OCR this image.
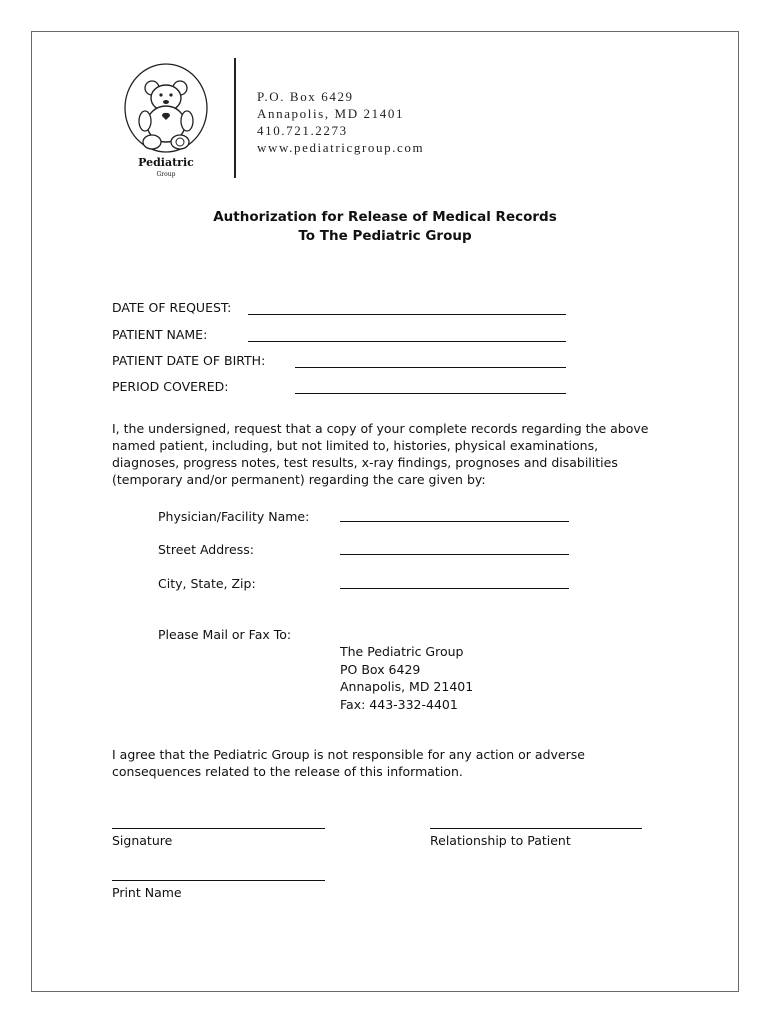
Pediatric
Group
P.O. Box 6429
Annapolis, MD 21401
410.721.2273
www.pediatricgroup.com
Authorization for Release of Medical Records
To The Pediatric Group
DATE OF REQUEST:
PATIENT NAME:
PATIENT DATE OF BIRTH:
PERIOD COVERED:
I, the undersigned, request that a copy of your complete records regarding the above named patient, including, but not limited to, histories, physical examinations, diagnoses, progress notes, test results, x-ray findings, prognoses and disabilities (temporary and/or permanent) regarding the care given by:
Physician/Facility Name:
Street Address:
City, State, Zip:
Please Mail or Fax To:
The Pediatric Group
PO Box 6429
Annapolis, MD 21401
Fax: 443-332-4401
I agree that the Pediatric Group is not responsible for any action or adverse consequences related to the release of this information.
Signature	Relationship to Patient
Print Name
